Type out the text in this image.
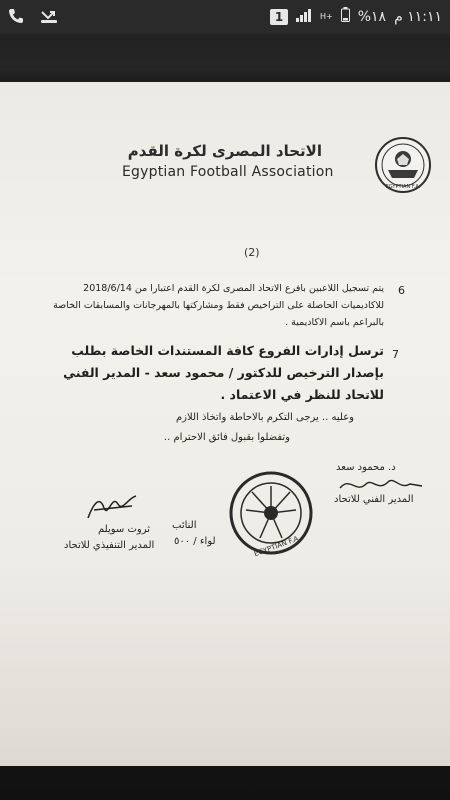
1	H+ %١٨ ١١:١١ م
الاتحاد المصرى لكرة القدم
Egyptian Football Association
EGYPTIAN F.A.
(2)
6
يتم تسجيل اللاعبين بافرع الاتحاد المصرى لكرة القدم اعتبارا من 2018/6/14
للاكاديميات الحاصلة على التراخيص فقط ومشاركتها بالمهرجانات والمسابقات الخاصة
بالبراعم باسم الاكاديمية .
7
ترسل إدارات الفروع كافة المستندات الخاصة بطلب
بإصدار الترخيص للدكتور / محمود سعد - المدير الفني
للاتحاد للنظر في الاعتماد .
وعليه .. يرجى التكرم بالاحاطة واتخاذ اللازم
وتفضلوا بقبول فائق الاحترام ..
د. محمود سعد
المدير الفني للاتحاد
EGYPTIAN F.A.
النائب
لواء / ٥٠٠
ثروت سويلم
المدير التنفيذي للاتحاد
